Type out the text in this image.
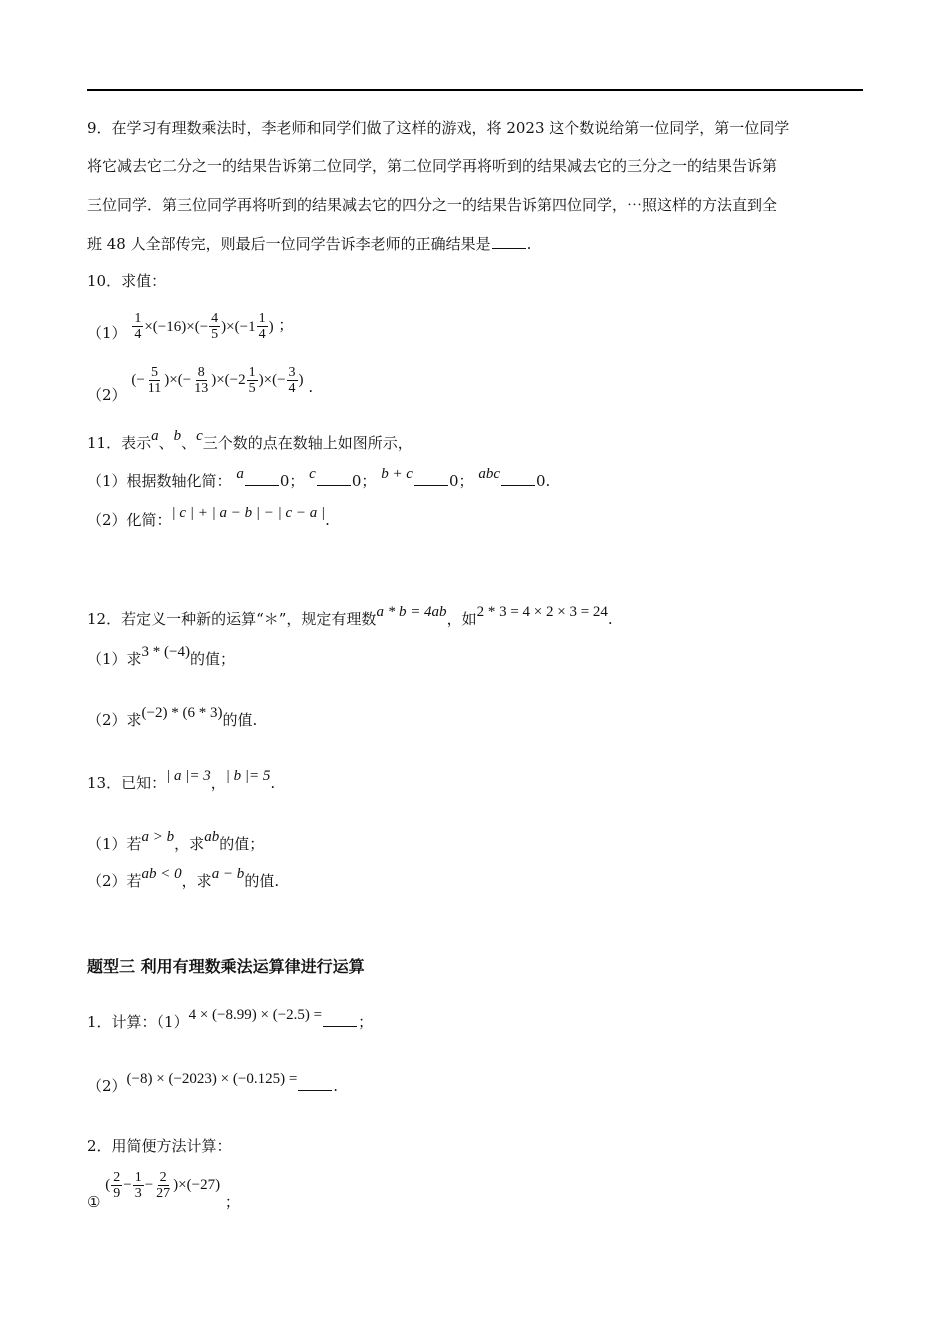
9．在学习有理数乘法时，李老师和同学们做了这样的游戏，将 2023 这个数说给第一位同学，第一位同学
将它减去它二分之一的结果告诉第二位同学，第二位同学再将听到的结果减去它的三分之一的结果告诉第
三位同学．第三位同学再将听到的结果减去它的四分之一的结果告诉第四位同学，⋯照这样的方法直到全
班 48 人全部传完，则最后一位同学告诉李老师的正确结果是 .
10．求值：
$(1) \frac{1}{4} \times(-16)\times(- \frac{4}{5} )\times(-1 \frac{1}{4}$ ) ；
（2）
(− $\frac{5}{11}$ )×(− $\frac{8}{13} )\times(-2 \frac{1}{5}$ )×(− $\frac{3}{4}$ ) .
11．表示a、b、c三个数的点在数轴上如图所示，
（1）根据数轴化简： a 0； c 0； b + c 0； abc 0.
（2）化简：| c | + | a − b | − | c − a |.
12．若定义一种新的运算“＊”，规定有理数a * b = 4ab，如2 * 3 = 4 × 2 × 3 = 24.
（1）求3 * (−4)的值；
（2）求(−2) * (6 * 3)的值.
13．已知：| a |= 3，| b |= 5.
（1）若a > b，求ab的值；
（2）若ab < 0，求a − b的值.
题型三 利用有理数乘法运算律进行运算
1．计算：（1）4 × (−8.99) × (−2.5) = ；
（2）(−8) × (−2023) × (−0.125) = .
2．用简便方法计算：
①
( $\frac{2}{9} - \frac{1}{3} - \frac{2}{27} )\times(-27)$
；
